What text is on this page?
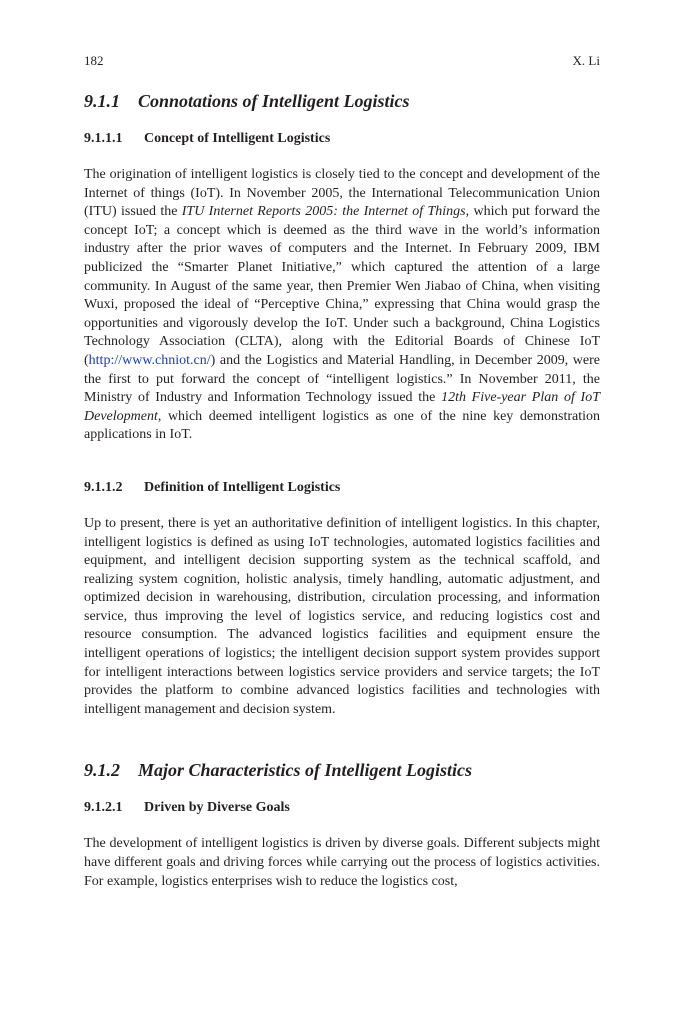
182	X. Li
9.1.1 Connotations of Intelligent Logistics
9.1.1.1 Concept of Intelligent Logistics

The origination of intelligent logistics is closely tied to the concept and development of the Internet of things (IoT). In November 2005, the International Telecommunication Union (ITU) issued the ITU Internet Reports 2005: the Internet of Things, which put forward the concept IoT; a concept which is deemed as the third wave in the world’s information industry after the prior waves of computers and the Internet. In February 2009, IBM publicized the “Smarter Planet Initiative,” which captured the attention of a large community. In August of the same year, then Premier Wen Jiabao of China, when visiting Wuxi, proposed the ideal of “Perceptive China,” expressing that China would grasp the opportunities and vigorously develop the IoT. Under such a background, China Logistics Technology Association (CLTA), along with the Editorial Boards of Chinese IoT (http://www.chniot.cn/) and the Logistics and Material Handling, in December 2009, were the first to put forward the concept of “intelligent logistics.” In November 2011, the Ministry of Industry and Information Technology issued the 12th Five-year Plan of IoT Development, which deemed intelligent logistics as one of the nine key demonstration applications in IoT.

9.1.1.2 Definition of Intelligent Logistics

Up to present, there is yet an authoritative definition of intelligent logistics. In this chapter, intelligent logistics is defined as using IoT technologies, automated logistics facilities and equipment, and intelligent decision supporting system as the technical scaffold, and realizing system cognition, holistic analysis, timely handling, automatic adjustment, and optimized decision in warehousing, distribution, circulation processing, and information service, thus improving the level of logistics service, and reducing logistics cost and resource consumption. The advanced logistics facilities and equipment ensure the intelligent operations of logistics; the intelligent decision support system provides support for intelligent interactions between logistics service providers and service targets; the IoT provides the platform to combine advanced logistics facilities and technologies with intelligent management and decision system.

9.1.2 Major Characteristics of Intelligent Logistics
9.1.2.1 Driven by Diverse Goals

The development of intelligent logistics is driven by diverse goals. Different subjects might have different goals and driving forces while carrying out the process of logistics activities. For example, logistics enterprises wish to reduce the logistics cost,
